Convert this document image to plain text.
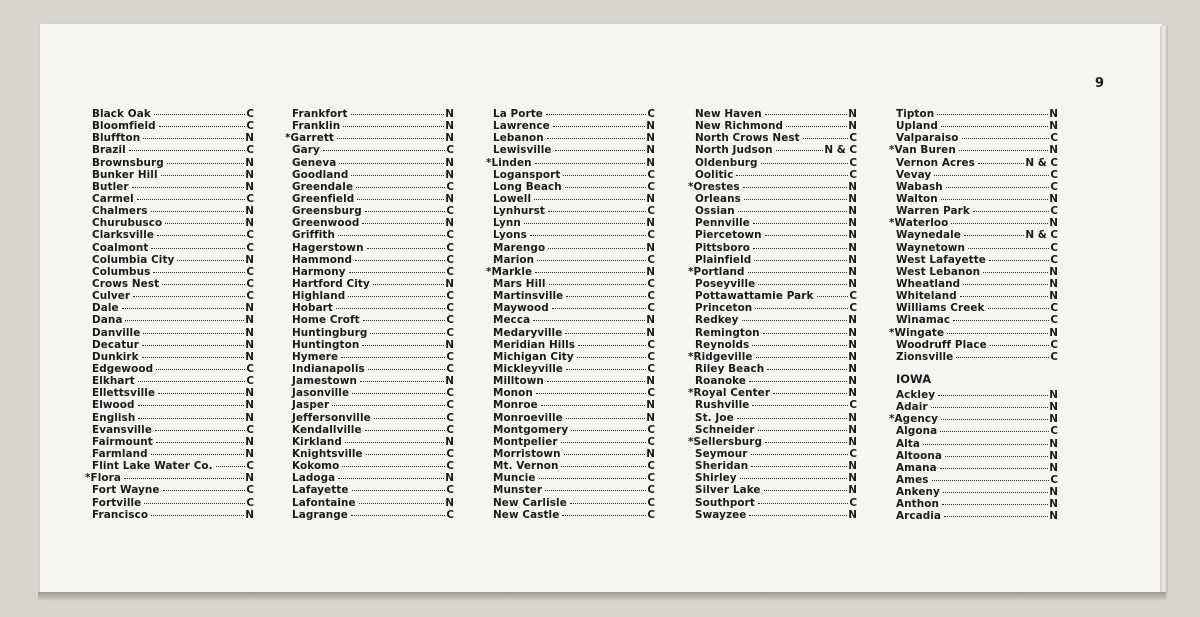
9
Black Oak	C
Bloomfield	C
Bluffton	N
Brazil	C
Brownsburg	N
Bunker Hill	N
Butler	N
Carmel	C
Chalmers	N
Churubusco	N
Clarksville	C
Coalmont	C
Columbia City	N
Columbus	C
Crows Nest	C
Culver	C
Dale	N
Dana	N
Danville	N
Decatur	N
Dunkirk	N
Edgewood	C
Elkhart	C
Ellettsville	N
Elwood	N
English	N
Evansville	C
Fairmount	N
Farmland	N
Flint Lake Water Co.	C
*Flora	N
Fort Wayne	C
Fortville	C
Francisco	N
Frankfort	N
Franklin	N
*Garrett	N
Gary	C
Geneva	N
Goodland	N
Greendale	C
Greenfield	N
Greensburg	C
Greenwood	N
Griffith	C
Hagerstown	C
Hammond	C
Harmony	C
Hartford City	N
Highland	C
Hobart	C
Home Croft	C
Huntingburg	C
Huntington	N
Hymere	C
Indianapolis	C
Jamestown	N
Jasonville	C
Jasper	C
Jeffersonville	C
Kendallville	C
Kirkland	N
Knightsville	C
Kokomo	C
Ladoga	N
Lafayette	C
Lafontaine	N
Lagrange	C
La Porte	C
Lawrence	N
Lebanon	N
Lewisville	N
*Linden	N
Logansport	C
Long Beach	C
Lowell	N
Lynhurst	C
Lynn	N
Lyons	C
Marengo	N
Marion	C
*Markle	N
Mars Hill	C
Martinsville	C
Maywood	C
Mecca	N
Medaryville	N
Meridian Hills	C
Michigan City	C
Mickleyville	C
Milltown	N
Monon	C
Monroe	N
Monroeville	N
Montgomery	C
Montpelier	C
Morristown	N
Mt. Vernon	C
Muncie	C
Munster	C
New Carlisle	C
New Castle	C
New Haven	N
New Richmond	N
North Crows Nest	C
North Judson	N & C
Oldenburg	C
Oolitic	C
*Orestes	N
Orleans	N
Ossian	N
Pennville	N
Piercetown	N
Pittsboro	N
Plainfield	N
*Portland	N
Poseyville	N
Pottawattamie Park	C
Princeton	C
Redkey	N
Remington	N
Reynolds	N
*Ridgeville	N
Riley Beach	N
Roanoke	N
*Royal Center	N
Rushville	C
St. Joe	N
Schneider	N
*Sellersburg	N
Seymour	C
Sheridan	N
Shirley	N
Silver Lake	N
Southport	C
Swayzee	N
Tipton	N
Upland	N
Valparaiso	C
*Van Buren	N
Vernon Acres	N & C
Vevay	C
Wabash	C
Walton	N
Warren Park	C
*Waterloo	N
Waynedale	N & C
Waynetown	C
West Lafayette	C
West Lebanon	N
Wheatland	N
Whiteland	N
Williams Creek	C
Winamac	C
*Wingate	N
Woodruff Place	C
Zionsville	C
IOWA
Ackley	N
Adair	N
*Agency	N
Algona	C
Alta	N
Altoona	N
Amana	N
Ames	C
Ankeny	N
Anthon	N
Arcadia	N
